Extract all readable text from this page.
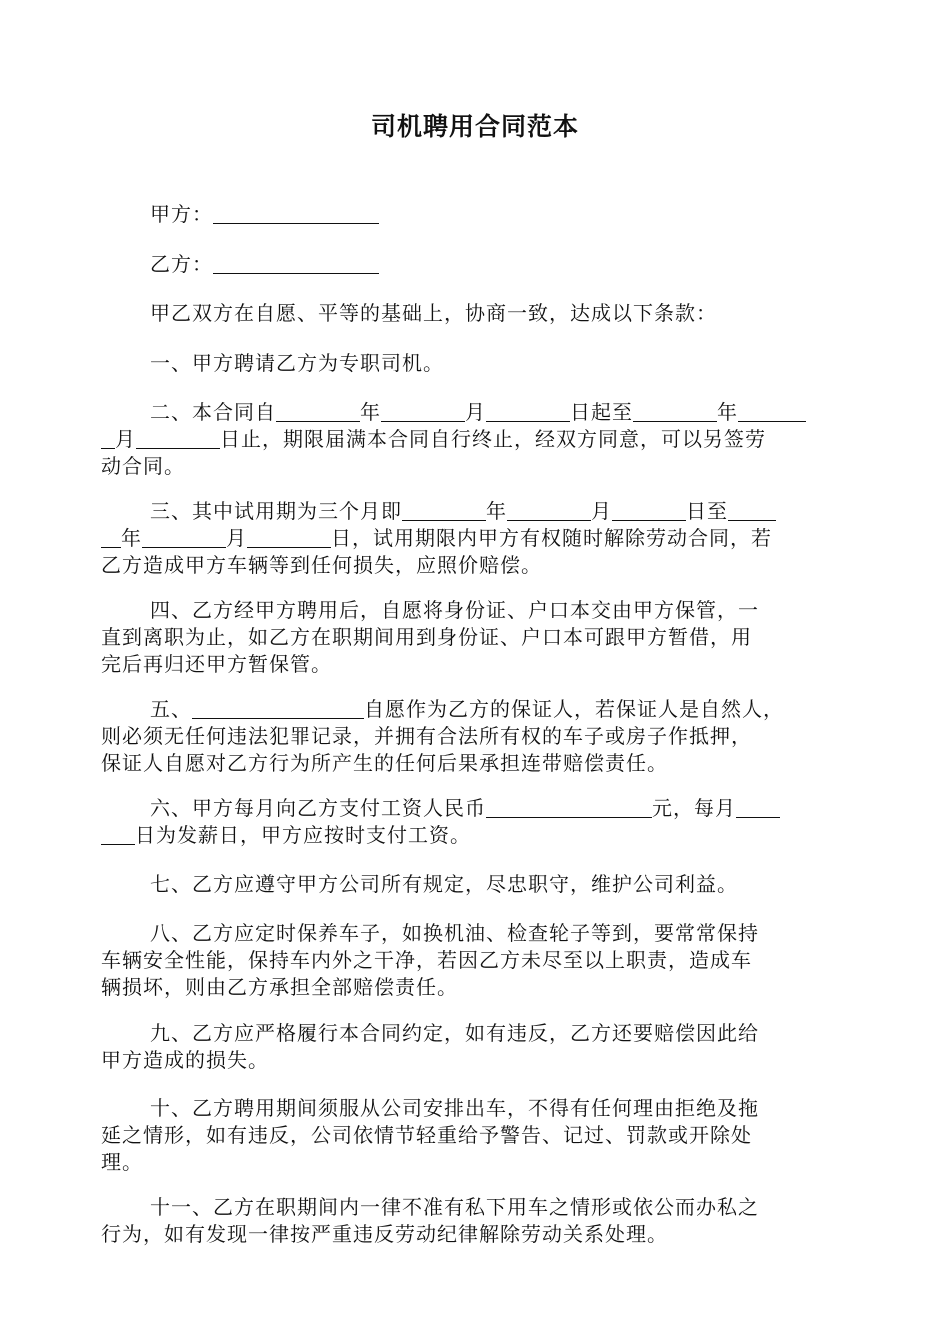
司机聘用合同范本
甲方：
乙方：
甲乙双方在自愿、平等的基础上，协商一致，达成以下条款：
一、甲方聘请乙方为专职司机。
二、本合同自	年	月	日起至	年
月	日止，期限届满本合同自行终止，经双方同意，可以另签劳
动合同。
三、其中试用期为三个月即	年	月	日至
年	月	日，试用期限内甲方有权随时解除劳动合同，若
乙方造成甲方车辆等到任何损失，应照价赔偿。
四、乙方经甲方聘用后，自愿将身份证、户口本交由甲方保管，一
直到离职为止，如乙方在职期间用到身份证、户口本可跟甲方暂借，用
完后再归还甲方暂保管。
五、	自愿作为乙方的保证人，若保证人是自然人，
则必须无任何违法犯罪记录，并拥有合法所有权的车子或房子作抵押，
保证人自愿对乙方行为所产生的任何后果承担连带赔偿责任。
六、甲方每月向乙方支付工资人民币	元，每月
日为发薪日，甲方应按时支付工资。
七、乙方应遵守甲方公司所有规定，尽忠职守，维护公司利益。
八、乙方应定时保养车子，如换机油、检查轮子等到，要常常保持
车辆安全性能，保持车内外之干净，若因乙方未尽至以上职责，造成车
辆损坏，则由乙方承担全部赔偿责任。
九、乙方应严格履行本合同约定，如有违反，乙方还要赔偿因此给
甲方造成的损失。
十、乙方聘用期间须服从公司安排出车，不得有任何理由拒绝及拖
延之情形，如有违反，公司依情节轻重给予警告、记过、罚款或开除处
理。
十一、乙方在职期间内一律不准有私下用车之情形或依公而办私之
行为，如有发现一律按严重违反劳动纪律解除劳动关系处理。
